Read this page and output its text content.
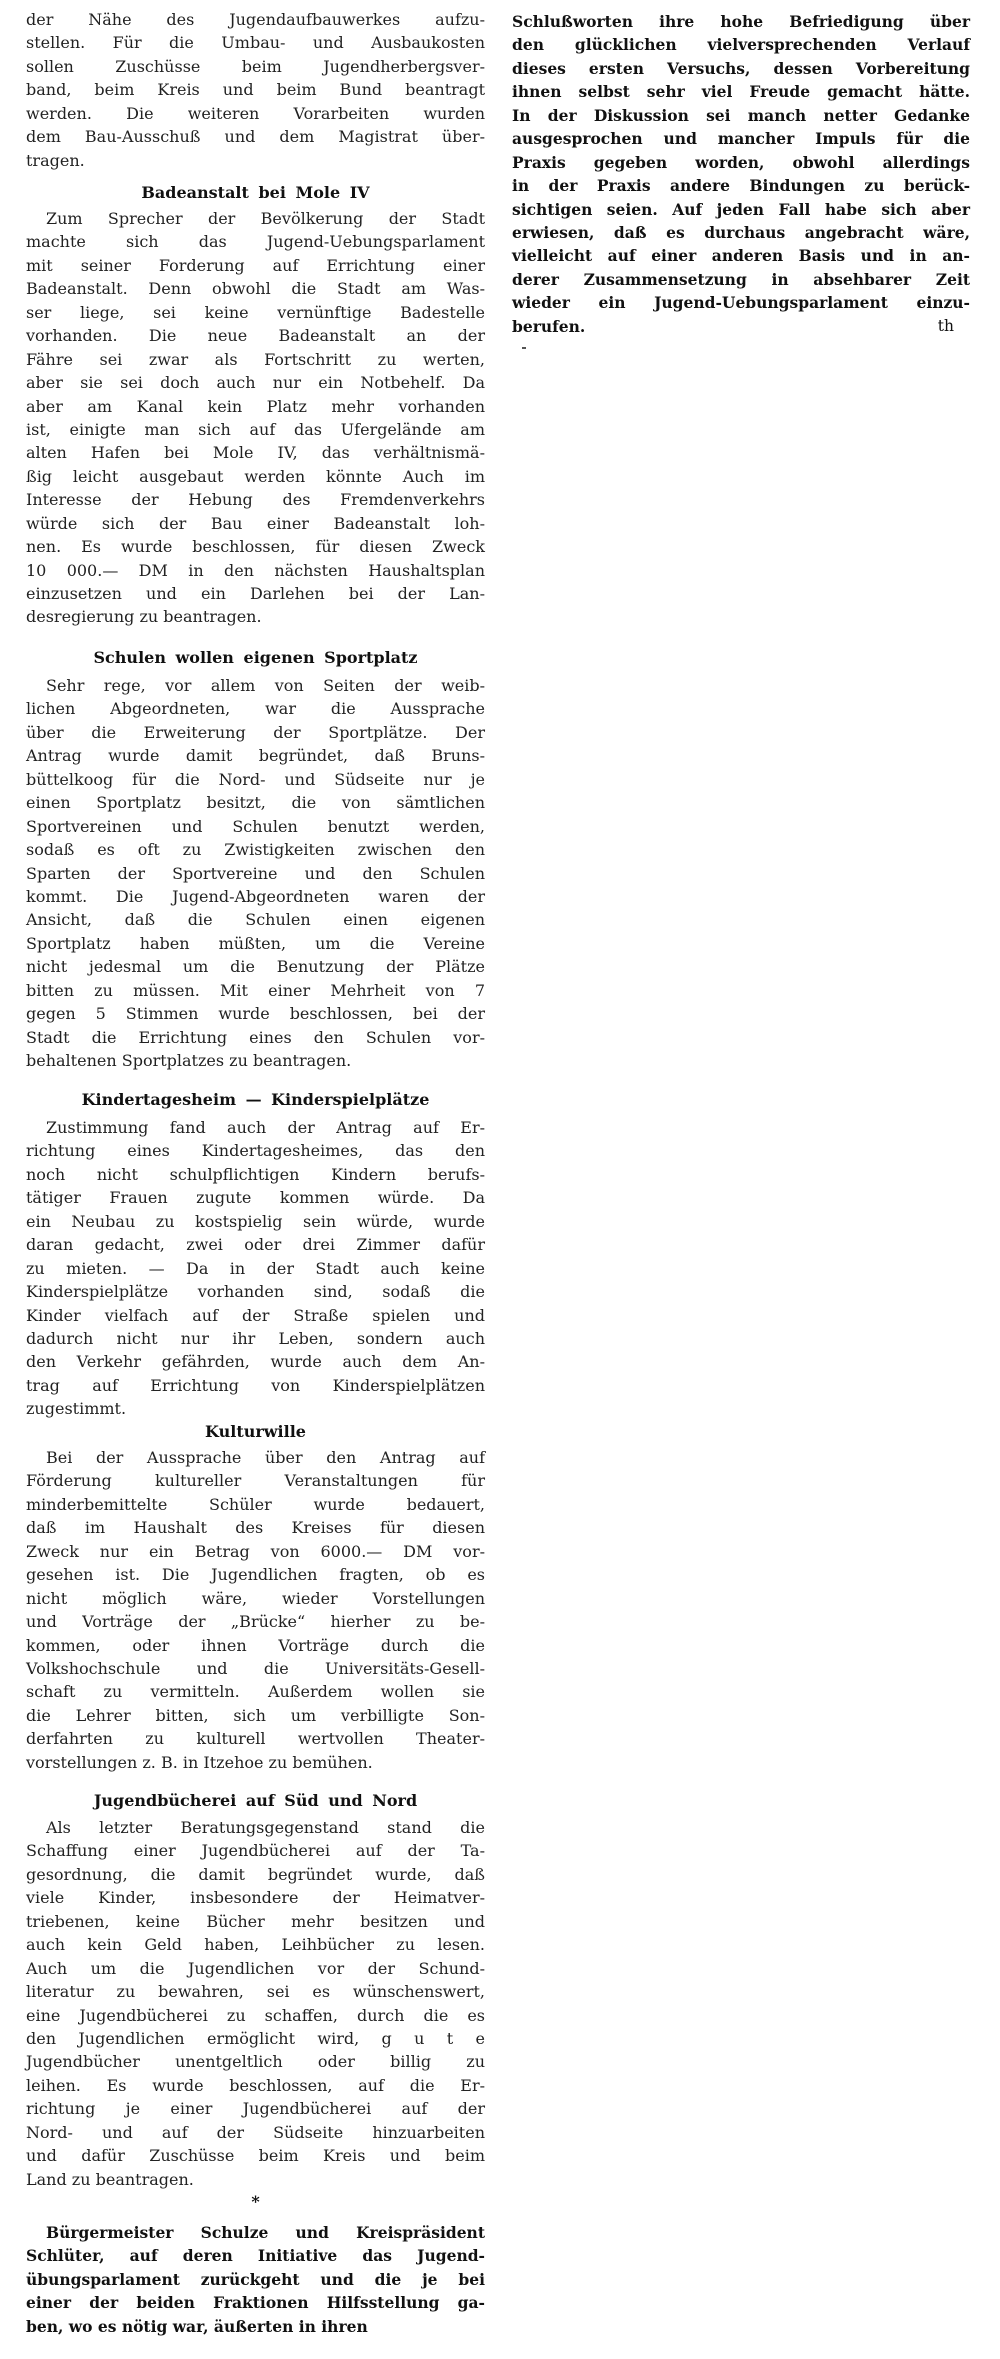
der Nähe des Jugendaufbauwerkes aufzu-
stellen. Für die Umbau- und Ausbaukosten
sollen Zuschüsse beim Jugendherbergsver-
band, beim Kreis und beim Bund beantragt
werden. Die weiteren Vorarbeiten wurden
dem Bau-Ausschuß und dem Magistrat über-
tragen.
Badeanstalt bei Mole IV
Zum Sprecher der Bevölkerung der Stadt
machte sich das Jugend-Uebungsparlament
mit seiner Forderung auf Errichtung einer
Badeanstalt. Denn obwohl die Stadt am Was-
ser liege, sei keine vernünftige Badestelle
vorhanden. Die neue Badeanstalt an der
Fähre sei zwar als Fortschritt zu werten,
aber sie sei doch auch nur ein Notbehelf. Da
aber am Kanal kein Platz mehr vorhanden
ist, einigte man sich auf das Ufergelände am
alten Hafen bei Mole IV, das verhältnismä-
ßig leicht ausgebaut werden könnte Auch im
Interesse der Hebung des Fremdenverkehrs
würde sich der Bau einer Badeanstalt loh-
nen. Es wurde beschlossen, für diesen Zweck
10 000.— DM in den nächsten Haushaltsplan
einzusetzen und ein Darlehen bei der Lan-
desregierung zu beantragen.
Schulen wollen eigenen Sportplatz
Sehr rege, vor allem von Seiten der weib-
lichen Abgeordneten, war die Aussprache
über die Erweiterung der Sportplätze. Der
Antrag wurde damit begründet, daß Bruns-
büttelkoog für die Nord- und Südseite nur je
einen Sportplatz besitzt, die von sämtlichen
Sportvereinen und Schulen benutzt werden,
sodaß es oft zu Zwistigkeiten zwischen den
Sparten der Sportvereine und den Schulen
kommt. Die Jugend-Abgeordneten waren der
Ansicht, daß die Schulen einen eigenen
Sportplatz haben müßten, um die Vereine
nicht jedesmal um die Benutzung der Plätze
bitten zu müssen. Mit einer Mehrheit von 7
gegen 5 Stimmen wurde beschlossen, bei der
Stadt die Errichtung eines den Schulen vor-
behaltenen Sportplatzes zu beantragen.
Kindertagesheim — Kinderspielplätze
Zustimmung fand auch der Antrag auf Er-
richtung eines Kindertagesheimes, das den
noch nicht schulpflichtigen Kindern berufs-
tätiger Frauen zugute kommen würde. Da
ein Neubau zu kostspielig sein würde, wurde
daran gedacht, zwei oder drei Zimmer dafür
zu mieten. — Da in der Stadt auch keine
Kinderspielplätze vorhanden sind, sodaß die
Kinder vielfach auf der Straße spielen und
dadurch nicht nur ihr Leben, sondern auch
den Verkehr gefährden, wurde auch dem An-
trag auf Errichtung von Kinderspielplätzen
zugestimmt.
Kulturwille
Bei der Aussprache über den Antrag auf
Förderung kultureller Veranstaltungen für
minderbemittelte Schüler wurde bedauert,
daß im Haushalt des Kreises für diesen
Zweck nur ein Betrag von 6000.— DM vor-
gesehen ist. Die Jugendlichen fragten, ob es
nicht möglich wäre, wieder Vorstellungen
und Vorträge der „Brücke“ hierher zu be-
kommen, oder ihnen Vorträge durch die
Volkshochschule und die Universitäts-Gesell-
schaft zu vermitteln. Außerdem wollen sie
die Lehrer bitten, sich um verbilligte Son-
derfahrten zu kulturell wertvollen Theater-
vorstellungen z. B. in Itzehoe zu bemühen.
Jugendbücherei auf Süd und Nord
Als letzter Beratungsgegenstand stand die
Schaffung einer Jugendbücherei auf der Ta-
gesordnung, die damit begründet wurde, daß
viele Kinder, insbesondere der Heimatver-
triebenen, keine Bücher mehr besitzen und
auch kein Geld haben, Leihbücher zu lesen.
Auch um die Jugendlichen vor der Schund-
literatur zu bewahren, sei es wünschenswert,
eine Jugendbücherei zu schaffen, durch die es
den Jugendlichen ermöglicht wird, g u t e
Jugendbücher unentgeltlich oder billig zu
leihen. Es wurde beschlossen, auf die Er-
richtung je einer Jugendbücherei auf der
Nord- und auf der Südseite hinzuarbeiten
und dafür Zuschüsse beim Kreis und beim
Land zu beantragen.
*
Bürgermeister Schulze und Kreispräsident
Schlüter, auf deren Initiative das Jugend-
übungsparlament zurückgeht und die je bei
einer der beiden Fraktionen Hilfsstellung ga-
ben, wo es nötig war, äußerten in ihren
Schlußworten ihre hohe Befriedigung über
den glücklichen vielversprechenden Verlauf
dieses ersten Versuchs, dessen Vorbereitung
ihnen selbst sehr viel Freude gemacht hätte.
In der Diskussion sei manch netter Gedanke
ausgesprochen und mancher Impuls für die
Praxis gegeben worden, obwohl allerdings
in der Praxis andere Bindungen zu berück-
sichtigen seien. Auf jeden Fall habe sich aber
erwiesen, daß es durchaus angebracht wäre,
vielleicht auf einer anderen Basis und in an-
derer Zusammensetzung in absehbarer Zeit
wieder ein Jugend-Uebungsparlament einzu-
berufen.	th
